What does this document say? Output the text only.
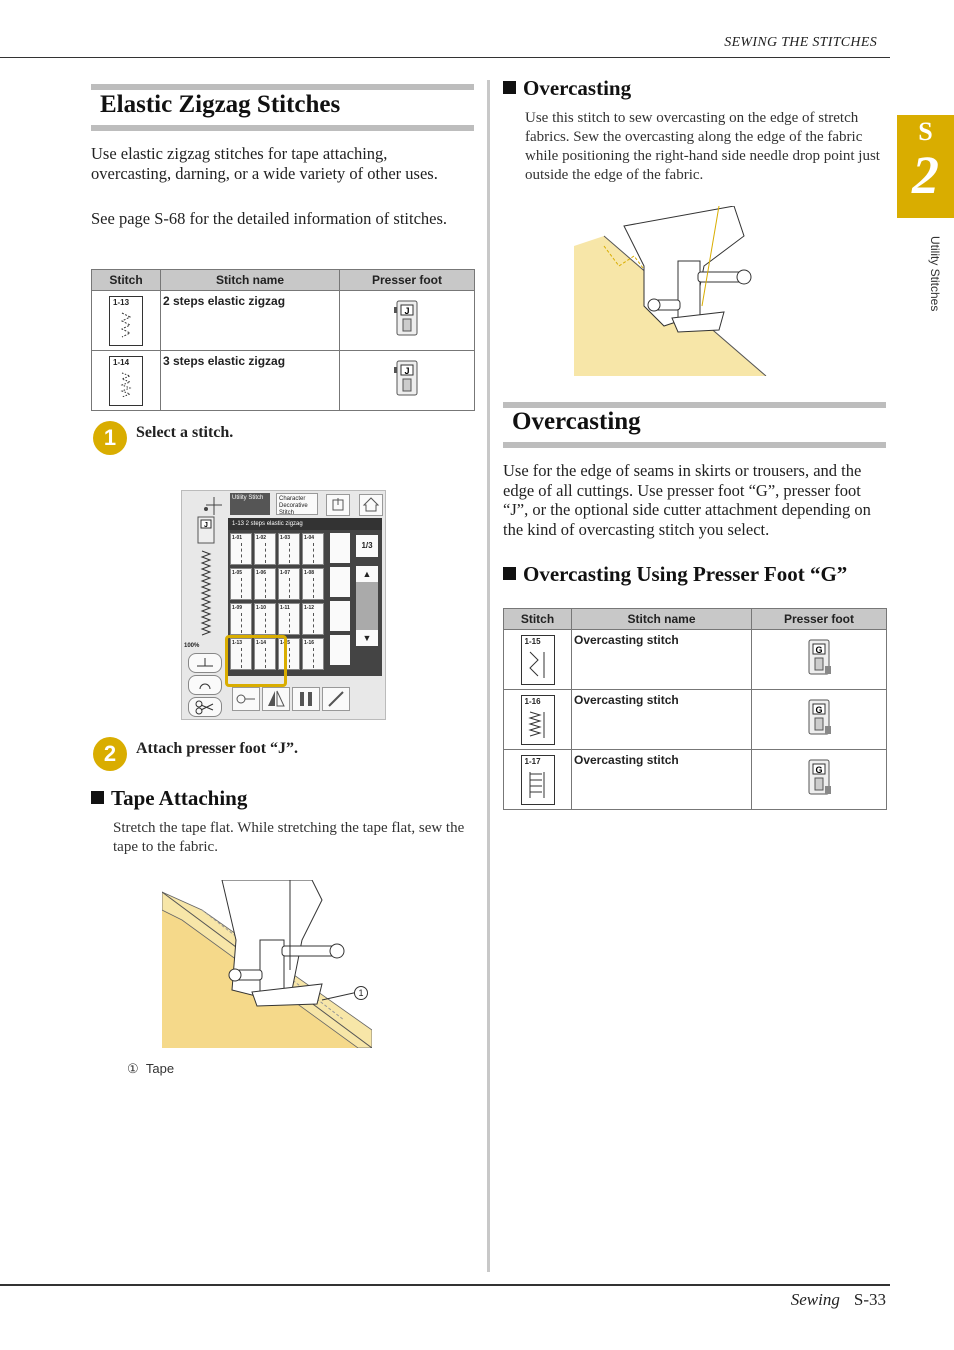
SEWING THE STITCHES
Sewing S-33
S
2
Utility Stitches
Elastic Zigzag Stitches
Use elastic zigzag stitches for tape attaching, overcasting, darning, or a wide variety of other uses.
See page S-68 for the detailed information of stitches.
Stitch	Stitch name	Presser foot

1-13	2 steps elastic zigzag	J

1-14	3 steps elastic zigzag	J
1	Select a stitch.
Utility Stitch	Character Decorative Stitch
J
100%
1-13 2 steps elastic zigzag
1-01	1-02	1-03	1-04
1-05	1-06	1-07	1-08
1-09	1-10	1-11	1-12
1-13	1-14	1-15	1-16
1/3
▲
▼
2	Attach presser foot “J”.
Tape Attaching
Stretch the tape flat. While stretching the tape flat, sew the tape to the fabric.
1
① Tape
Overcasting
Use this stitch to sew overcasting on the edge of stretch fabrics. Sew the overcasting along the edge of the fabric while positioning the right-hand side needle drop point just outside the edge of the fabric.
Overcasting
Use for the edge of seams in skirts or trousers, and the edge of all cuttings. Use presser foot “G”, presser foot “J”, or the optional side cutter attachment depending on the kind of overcasting stitch you select.
Overcasting Using Presser Foot “G”
Stitch	Stitch name	Presser foot

1-15	Overcasting stitch	G

1-16	Overcasting stitch	G

1-17	Overcasting stitch	G
